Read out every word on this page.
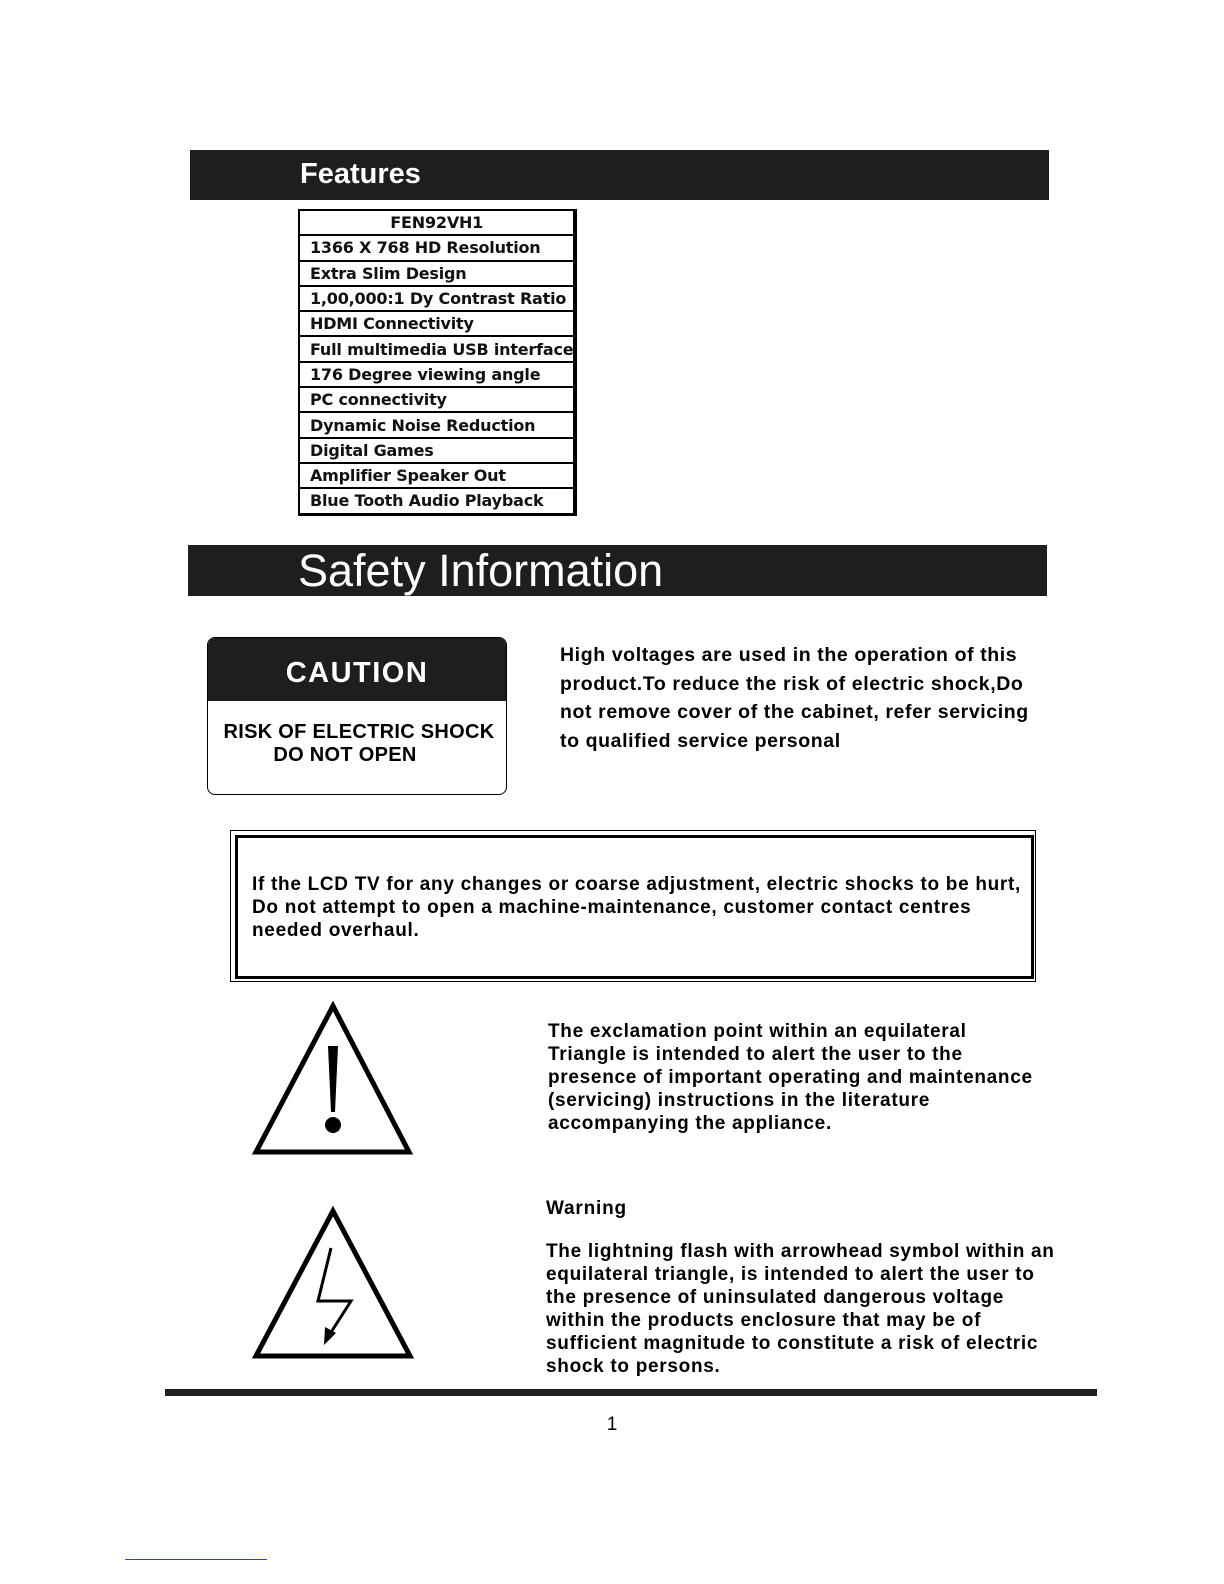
Features
FEN92VH1
1366 X 768 HD Resolution
Extra Slim Design
1,00,000:1 Dy Contrast Ratio
HDMI Connectivity
Full multimedia USB interface
176 Degree viewing angle
PC connectivity
Dynamic Noise Reduction
Digital Games
Amplifier Speaker Out
Blue Tooth Audio Playback
Safety Information
CAUTION
RISK OF ELECTRIC SHOCK
DO NOT OPEN
High voltages are used in the operation of this product.To reduce the risk of electric shock,Do not remove cover of the cabinet, refer servicing to qualified service personal
If the LCD TV for any changes or coarse adjustment, electric shocks to be hurt, Do not attempt to open a machine-maintenance, customer contact centres needed overhaul.
The exclamation point within an equilateral Triangle is intended to alert the user to the presence of important operating and maintenance (servicing) instructions in the literature accompanying the appliance.
Warning
The lightning flash with arrowhead symbol within an equilateral triangle, is intended to alert the user to the presence of uninsulated dangerous voltage within the products enclosure that may be of sufficient magnitude to constitute a risk of electric shock to persons.
1
